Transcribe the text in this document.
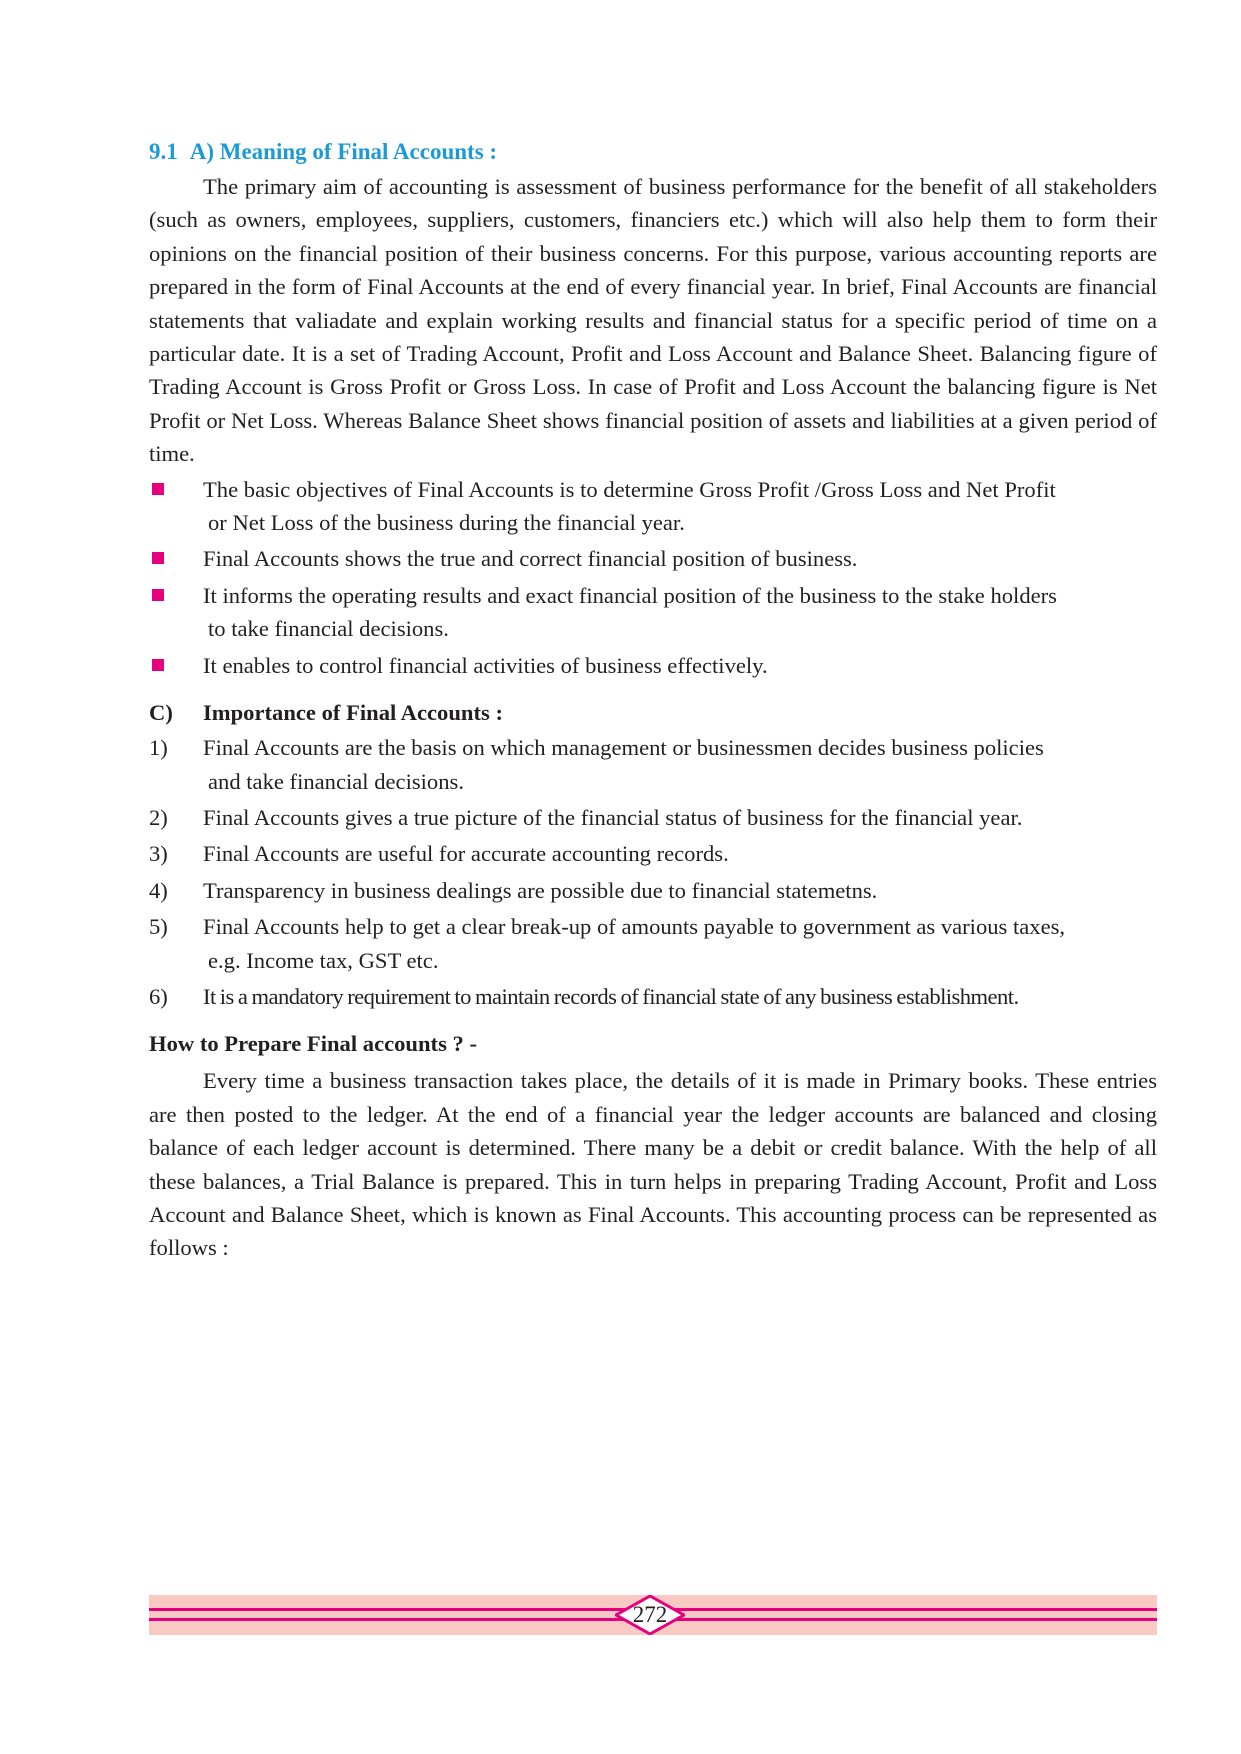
9.1 A) Meaning of Final Accounts :

The primary aim of accounting is assessment of business performance for the benefit of all stakeholders (such as owners, employees, suppliers, customers, financiers etc.) which will also help them to form their opinions on the financial position of their business concerns. For this purpose, various accounting reports are prepared in the form of Final Accounts at the end of every financial year. In brief, Final Accounts are financial statements that valiadate and explain working results and financial status for a specific period of time on a particular date. It is a set of Trading Account, Profit and Loss Account and Balance Sheet. Balancing figure of Trading Account is Gross Profit or Gross Loss. In case of Profit and Loss Account the balancing figure is Net Profit or Net Loss. Whereas Balance Sheet shows financial position of assets and liabilities at a given period of time.

The basic objectives of Final Accounts is to determine Gross Profit /Gross Loss and Net Profit
or Net Loss of the business during the financial year.
Final Accounts shows the true and correct financial position of business.
It informs the operating results and exact financial position of the business to the stake holders
to take financial decisions.
It enables to control financial activities of business effectively.
C)	Importance of Final Accounts :
1) Final Accounts are the basis on which management or businessmen decides business policies
and take financial decisions.
2) Final Accounts gives a true picture of the financial status of business for the financial year.
3) Final Accounts are useful for accurate accounting records.
4) Transparency in business dealings are possible due to financial statemetns.
5) Final Accounts help to get a clear break-up of amounts payable to government as various taxes,
e.g. Income tax, GST etc.
6) It is a mandatory requirement to maintain records of financial state of any business establishment.
How to Prepare Final accounts ? -

Every time a business transaction takes place, the details of it is made in Primary books. These entries are then posted to the ledger. At the end of a financial year the ledger accounts are balanced and closing balance of each ledger account is determined. There many be a debit or credit balance. With the help of all these balances, a Trial Balance is prepared. This in turn helps in preparing Trading Account, Profit and Loss Account and Balance Sheet, which is known as Final Accounts. This accounting process can be represented as follows :

272
